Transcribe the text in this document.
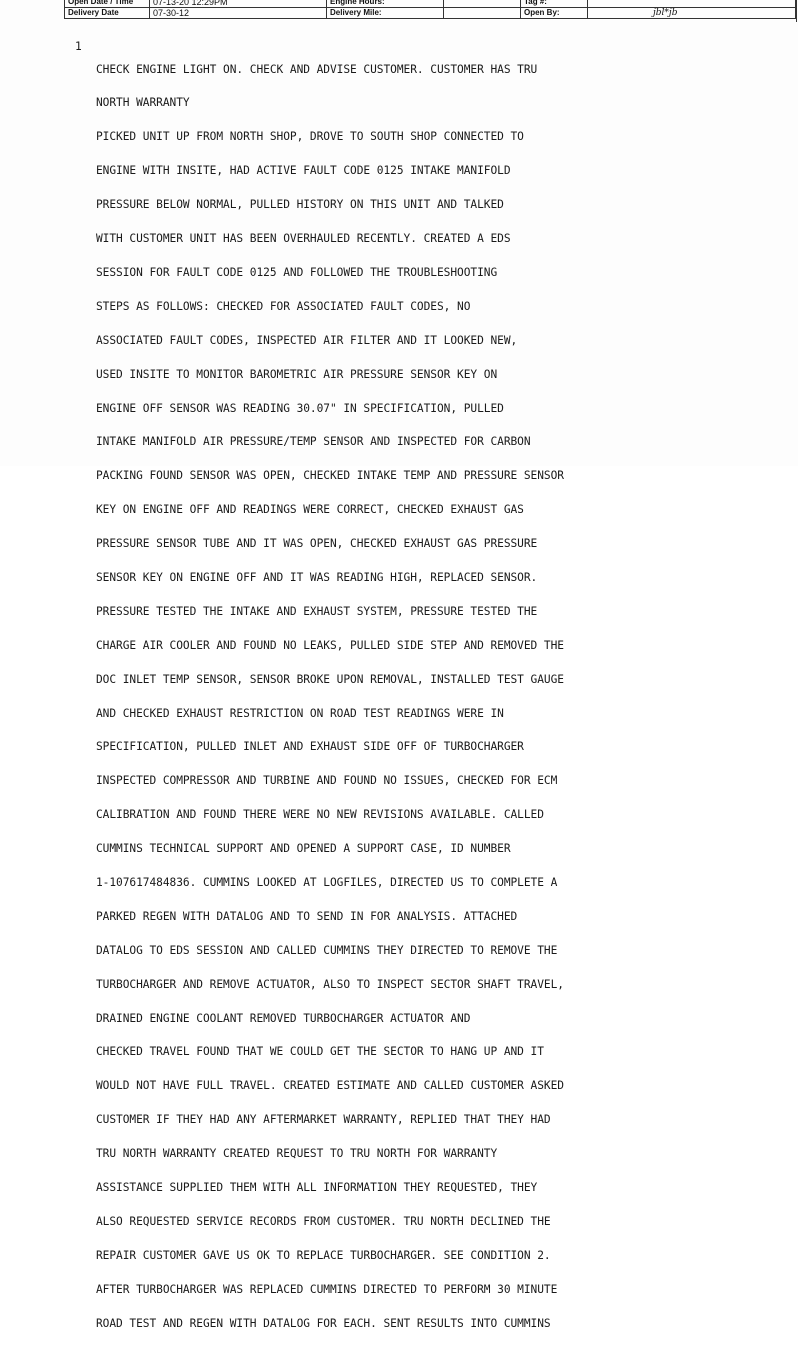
Open Date / Time	07-13-20 12:29PM	Engine Hours:		Tag #:	
Delivery Date	07-30-12	Delivery Mile:		Open By:	jbl*jb
1

CHECK ENGINE LIGHT ON. CHECK AND ADVISE CUSTOMER. CUSTOMER HAS TRU

NORTH WARRANTY

PICKED UNIT UP FROM NORTH SHOP, DROVE TO SOUTH SHOP CONNECTED TO

ENGINE WITH INSITE, HAD ACTIVE FAULT CODE 0125 INTAKE MANIFOLD

PRESSURE BELOW NORMAL, PULLED HISTORY ON THIS UNIT AND TALKED

WITH CUSTOMER UNIT HAS BEEN OVERHAULED RECENTLY. CREATED A EDS

SESSION FOR FAULT CODE 0125 AND FOLLOWED THE TROUBLESHOOTING

STEPS AS FOLLOWS: CHECKED FOR ASSOCIATED FAULT CODES, NO

ASSOCIATED FAULT CODES, INSPECTED AIR FILTER AND IT LOOKED NEW,

USED INSITE TO MONITOR BAROMETRIC AIR PRESSURE SENSOR KEY ON

ENGINE OFF SENSOR WAS READING 30.07" IN SPECIFICATION, PULLED

INTAKE MANIFOLD AIR PRESSURE/TEMP SENSOR AND INSPECTED FOR CARBON

PACKING FOUND SENSOR WAS OPEN, CHECKED INTAKE TEMP AND PRESSURE SENSOR

KEY ON ENGINE OFF AND READINGS WERE CORRECT, CHECKED EXHAUST GAS

PRESSURE SENSOR TUBE AND IT WAS OPEN, CHECKED EXHAUST GAS PRESSURE

SENSOR KEY ON ENGINE OFF AND IT WAS READING HIGH, REPLACED SENSOR.

PRESSURE TESTED THE INTAKE AND EXHAUST SYSTEM, PRESSURE TESTED THE

CHARGE AIR COOLER AND FOUND NO LEAKS, PULLED SIDE STEP AND REMOVED THE

DOC INLET TEMP SENSOR, SENSOR BROKE UPON REMOVAL, INSTALLED TEST GAUGE

AND CHECKED EXHAUST RESTRICTION ON ROAD TEST READINGS WERE IN

SPECIFICATION, PULLED INLET AND EXHAUST SIDE OFF OF TURBOCHARGER

INSPECTED COMPRESSOR AND TURBINE AND FOUND NO ISSUES, CHECKED FOR ECM

CALIBRATION AND FOUND THERE WERE NO NEW REVISIONS AVAILABLE. CALLED

CUMMINS TECHNICAL SUPPORT AND OPENED A SUPPORT CASE, ID NUMBER

1-107617484836. CUMMINS LOOKED AT LOGFILES, DIRECTED US TO COMPLETE A

PARKED REGEN WITH DATALOG AND TO SEND IN FOR ANALYSIS. ATTACHED

DATALOG TO EDS SESSION AND CALLED CUMMINS THEY DIRECTED TO REMOVE THE

TURBOCHARGER AND REMOVE ACTUATOR, ALSO TO INSPECT SECTOR SHAFT TRAVEL,

DRAINED ENGINE COOLANT REMOVED TURBOCHARGER ACTUATOR AND

CHECKED TRAVEL FOUND THAT WE COULD GET THE SECTOR TO HANG UP AND IT

WOULD NOT HAVE FULL TRAVEL. CREATED ESTIMATE AND CALLED CUSTOMER ASKED

CUSTOMER IF THEY HAD ANY AFTERMARKET WARRANTY, REPLIED THAT THEY HAD

TRU NORTH WARRANTY CREATED REQUEST TO TRU NORTH FOR WARRANTY

ASSISTANCE SUPPLIED THEM WITH ALL INFORMATION THEY REQUESTED, THEY

ALSO REQUESTED SERVICE RECORDS FROM CUSTOMER. TRU NORTH DECLINED THE

REPAIR CUSTOMER GAVE US OK TO REPLACE TURBOCHARGER. SEE CONDITION 2.

AFTER TURBOCHARGER WAS REPLACED CUMMINS DIRECTED TO PERFORM 30 MINUTE

ROAD TEST AND REGEN WITH DATALOG FOR EACH. SENT RESULTS INTO CUMMINS
